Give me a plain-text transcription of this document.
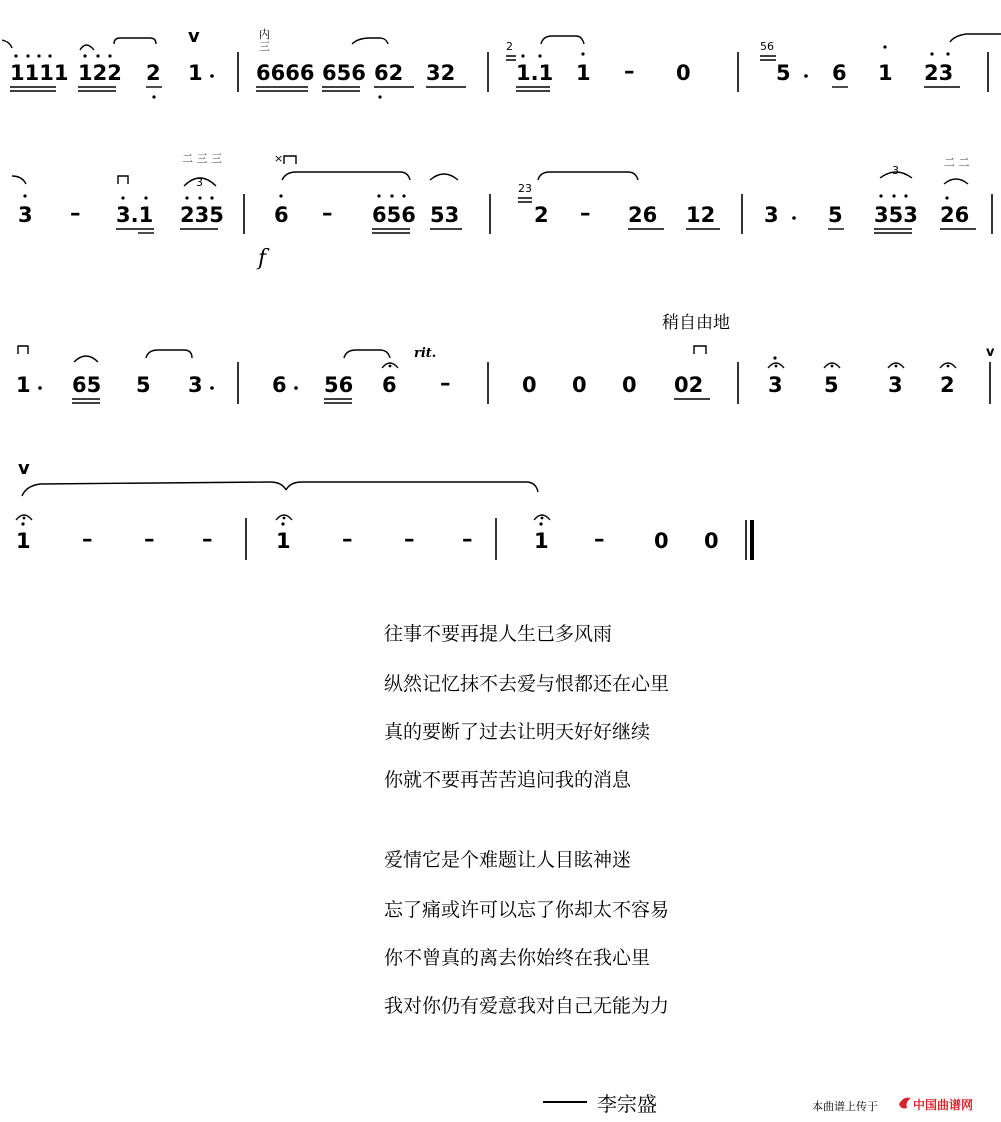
1111 122 2
v
1
内
三
6666 656 62 32
2
1.1 1 – 0
56
5 6 1 23
3 – 3.1
二 三 三
3
235
×
6 – 656 53
23
2 – 26 12 3 5
3
353
二 二
26
1 65 5 3	6 56 6
rit.
–	0 0 0 02	3 5 3 2
v
v
1 – – –	1 – – –	1 – 0 0
f
稍自由地
往事不要再提人生已多风雨
纵然记忆抹不去爱与恨都还在心里
真的要断了过去让明天好好继续
你就不要再苦苦追问我的消息
爱情它是个难题让人目眩神迷
忘了痛或许可以忘了你却太不容易
你不曾真的离去你始终在我心里
我对你仍有爱意我对自己无能为力
李宗盛	本曲谱上传于	中国曲谱网
